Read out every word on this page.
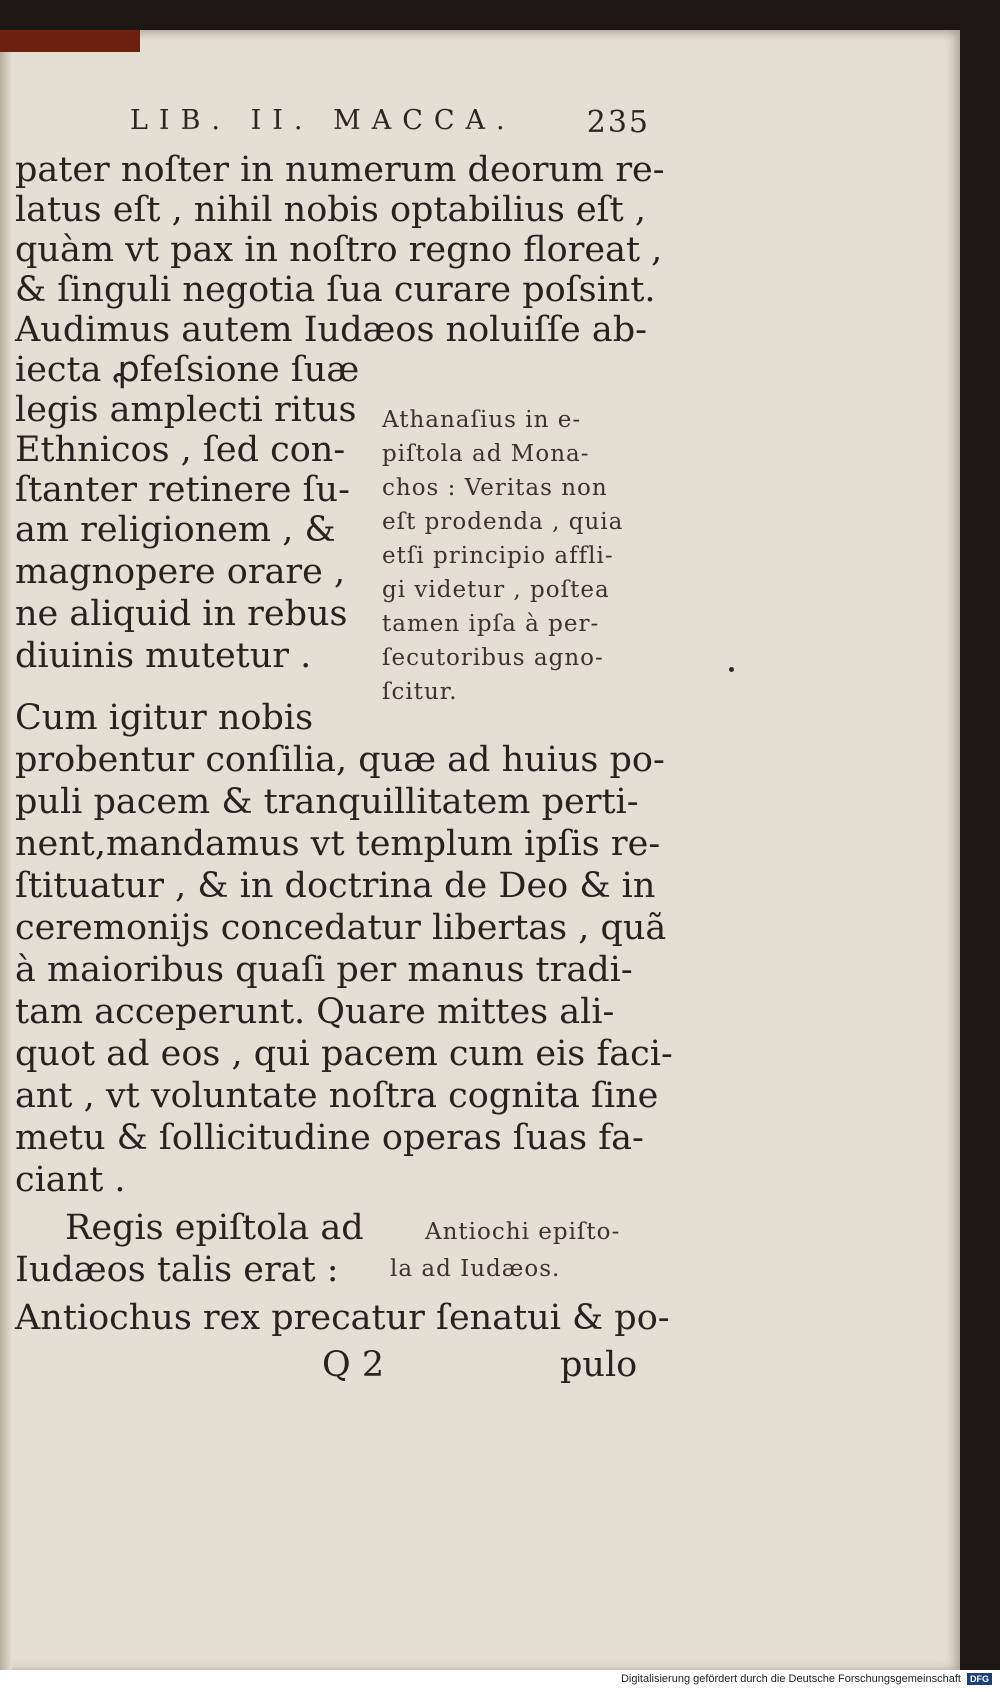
LIB. II. MACCA. 235
pater noſter in numerum deorum re-
latus eſt , nihil nobis optabilius eſt ,
quàm vt pax in noſtro regno floreat ,
& ſinguli negotia ſua curare poſsint.
Audimus autem Iudæos noluiſſe ab-
iecta ꝓfeſsione ſuæ
legis amplecti ritus
Ethnicos , ſed con-
ſtanter retinere ſu-
am religionem , &
magnopere orare ,
ne aliquid in rebus
diuinis mutetur .
Cum igitur nobis
probentur conſilia, quæ ad huius po-
puli pacem & tranquillitatem perti-
nent,mandamus vt templum ipſis re-
ſtituatur , & in doctrina de Deo & in
ceremonijs concedatur libertas , quã
à maioribus quaſi per manus tradi-
tam acceperunt. Quare mittes ali-
quot ad eos , qui pacem cum eis faci-
ant , vt voluntate noſtra cognita ſine
metu & ſollicitudine operas ſuas fa-
ciant .
Regis epiſtola ad
Iudæos talis erat :
Antiochus rex precatur ſenatui & po-
Athanaſius in e-
piſtola ad Mona-
chos : Veritas non
eſt prodenda , quia
etſi principio affli-
gi videtur , poſtea
tamen ipſa à per-
ſecutoribus agno-
ſcitur.
Antiochi epiſto-
la ad Iudæos.
Q 2	pulo
Digitalisierung gefördert durch die Deutsche Forschungsgemeinschaft DFG
